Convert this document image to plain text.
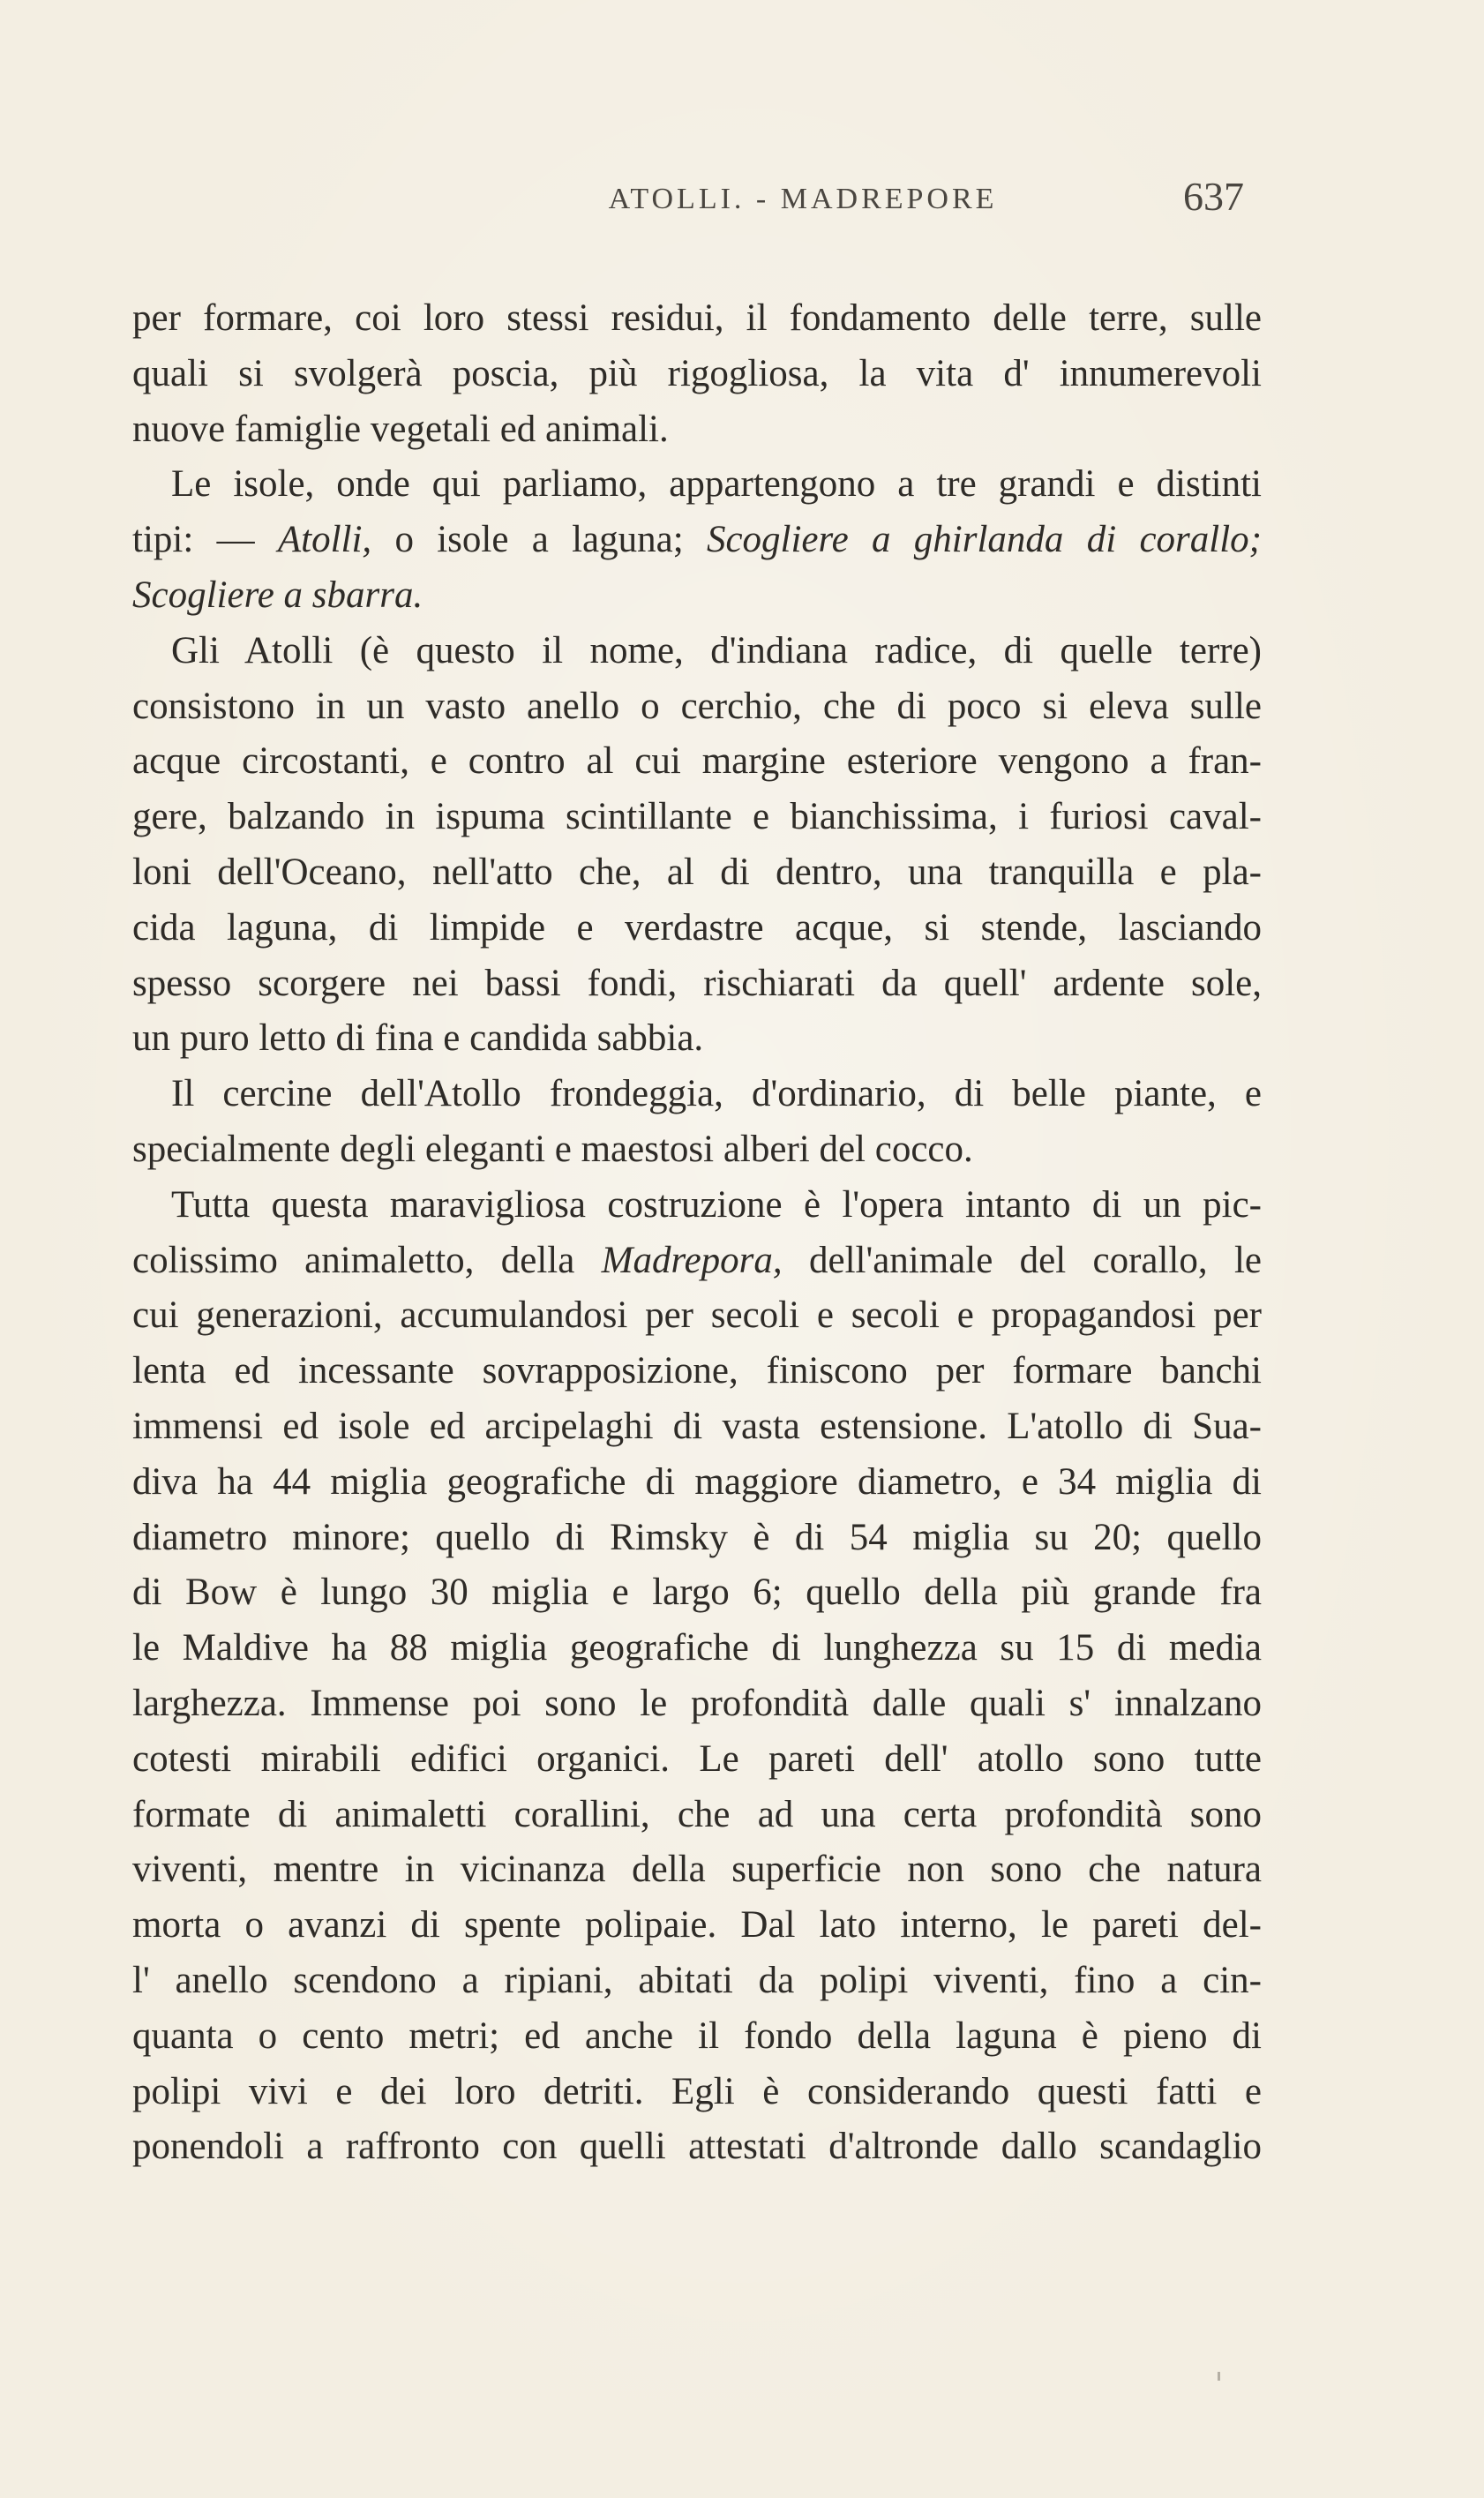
ATOLLI. - MADREPORE	637
per formare, coi loro stessi residui, il fondamento delle terre, sulle
quali si svolgerà poscia, più rigogliosa, la vita d' innumerevoli
nuove famiglie vegetali ed animali.
Le isole, onde qui parliamo, appartengono a tre grandi e distinti
tipi: — Atolli, o isole a laguna; Scogliere a ghirlanda di corallo;
Scogliere a sbarra.
Gli Atolli (è questo il nome, d'indiana radice, di quelle terre)
consistono in un vasto anello o cerchio, che di poco si eleva sulle
acque circostanti, e contro al cui margine esteriore vengono a fran-
gere, balzando in ispuma scintillante e bianchissima, i furiosi caval-
loni dell'Oceano, nell'atto che, al di dentro, una tranquilla e pla-
cida laguna, di limpide e verdastre acque, si stende, lasciando
spesso scorgere nei bassi fondi, rischiarati da quell' ardente sole,
un puro letto di fina e candida sabbia.
Il cercine dell'Atollo frondeggia, d'ordinario, di belle piante, e
specialmente degli eleganti e maestosi alberi del cocco.
Tutta questa maravigliosa costruzione è l'opera intanto di un pic-
colissimo animaletto, della Madrepora, dell'animale del corallo, le
cui generazioni, accumulandosi per secoli e secoli e propagandosi per
lenta ed incessante sovrapposizione, finiscono per formare banchi
immensi ed isole ed arcipelaghi di vasta estensione. L'atollo di Sua-
diva ha 44 miglia geografiche di maggiore diametro, e 34 miglia di
diametro minore; quello di Rimsky è di 54 miglia su 20; quello
di Bow è lungo 30 miglia e largo 6; quello della più grande fra
le Maldive ha 88 miglia geografiche di lunghezza su 15 di media
larghezza. Immense poi sono le profondità dalle quali s' innalzano
cotesti mirabili edifici organici. Le pareti dell' atollo sono tutte
formate di animaletti corallini, che ad una certa profondità sono
viventi, mentre in vicinanza della superficie non sono che natura
morta o avanzi di spente polipaie. Dal lato interno, le pareti del-
l' anello scendono a ripiani, abitati da polipi viventi, fino a cin-
quanta o cento metri; ed anche il fondo della laguna è pieno di
polipi vivi e dei loro detriti. Egli è considerando questi fatti e
ponendoli a raffronto con quelli attestati d'altronde dallo scandaglio
